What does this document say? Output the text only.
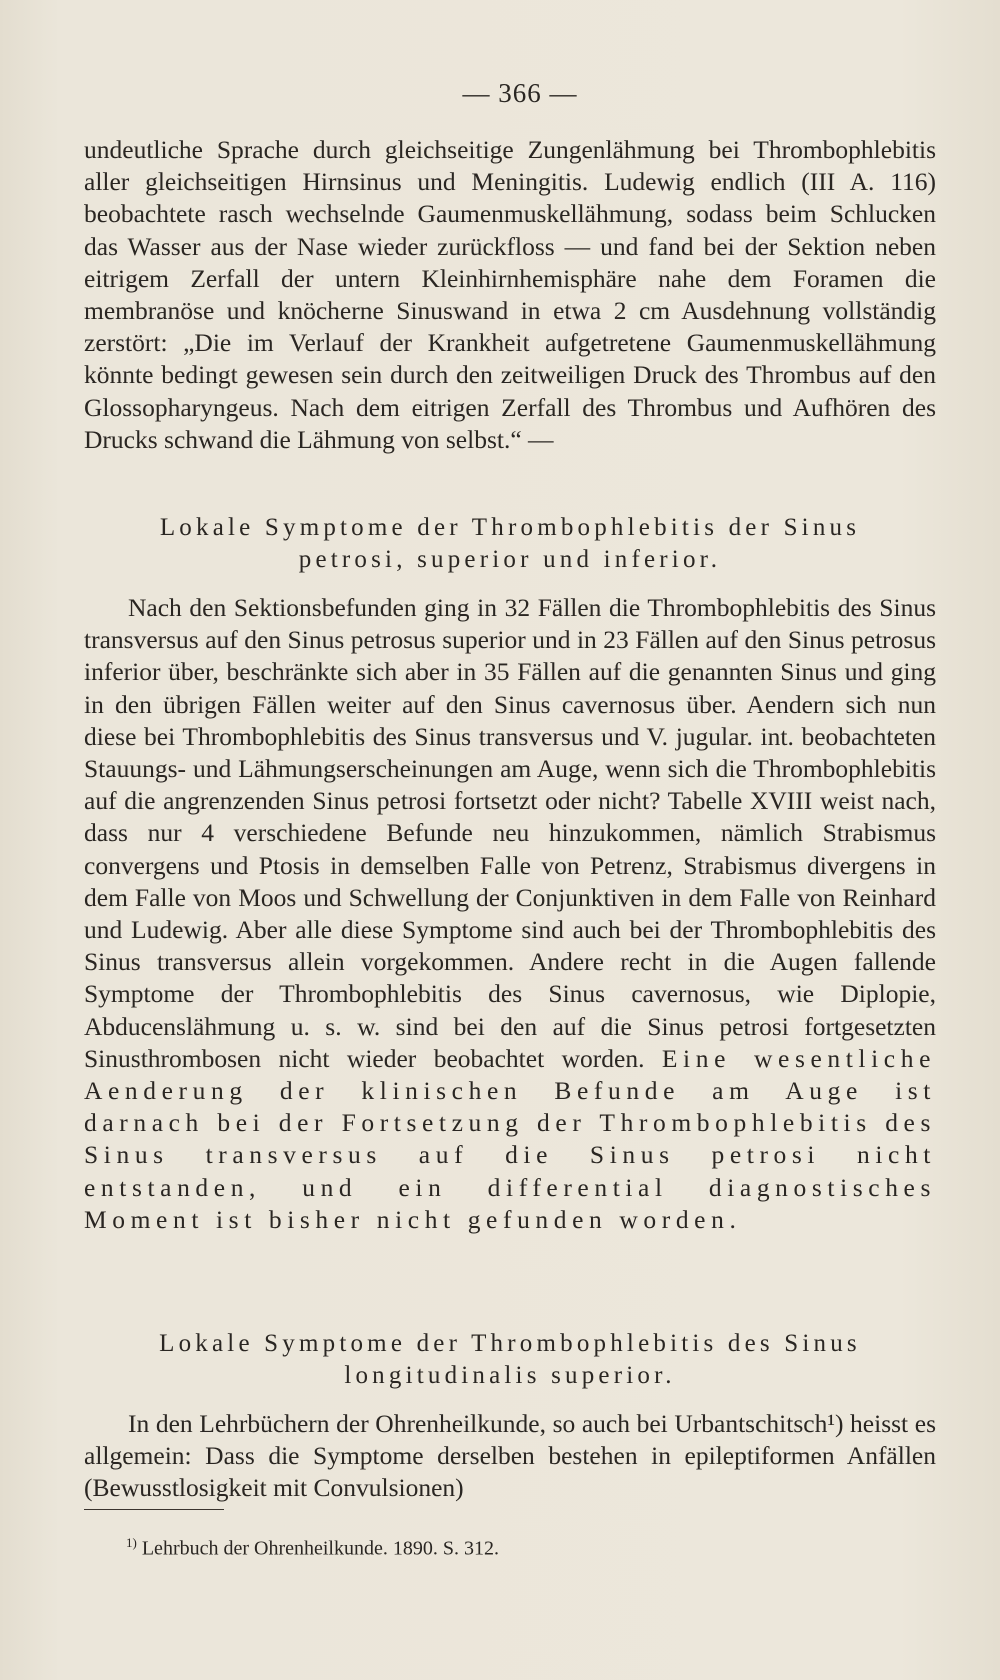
— 366 —

undeutliche Sprache durch gleichseitige Zungenlähmung bei Thrombophlebitis aller gleichseitigen Hirnsinus und Meningitis. Ludewig endlich (III A. 116) beobachtete rasch wechselnde Gaumenmuskellähmung, sodass beim Schlucken das Wasser aus der Nase wieder zurückfloss — und fand bei der Sektion neben eitrigem Zerfall der untern Kleinhirnhemisphäre nahe dem Foramen die membranöse und knöcherne Sinuswand in etwa 2 cm Ausdehnung vollständig zerstört: „Die im Verlauf der Krankheit aufgetretene Gaumenmuskellähmung könnte bedingt gewesen sein durch den zeitweiligen Druck des Thrombus auf den Glossopharyngeus. Nach dem eitrigen Zerfall des Thrombus und Aufhören des Drucks schwand die Lähmung von selbst.“ —

Lokale Symptome der Thrombophlebitis der Sinus
petrosi, superior und inferior.

Nach den Sektionsbefunden ging in 32 Fällen die Thrombophlebitis des Sinus transversus auf den Sinus petrosus superior und in 23 Fällen auf den Sinus petrosus inferior über, beschränkte sich aber in 35 Fällen auf die genannten Sinus und ging in den übrigen Fällen weiter auf den Sinus cavernosus über. Aendern sich nun diese bei Thrombophlebitis des Sinus transversus und V. jugular. int. beobachteten Stauungs- und Lähmungserscheinungen am Auge, wenn sich die Thrombophlebitis auf die angrenzenden Sinus petrosi fortsetzt oder nicht? Tabelle XVIII weist nach, dass nur 4 verschiedene Befunde neu hinzukommen, nämlich Strabismus convergens und Ptosis in demselben Falle von Petrenz, Strabismus divergens in dem Falle von Moos und Schwellung der Conjunktiven in dem Falle von Reinhard und Ludewig. Aber alle diese Symptome sind auch bei der Thrombophlebitis des Sinus transversus allein vorgekommen. Andere recht in die Augen fallende Symptome der Thrombophlebitis des Sinus cavernosus, wie Diplopie, Abducenslähmung u. s. w. sind bei den auf die Sinus petrosi fortgesetzten Sinusthrombosen nicht wieder beobachtet worden. Eine wesentliche Aenderung der klinischen Befunde am Auge ist darnach bei der Fortsetzung der Thrombophlebitis des Sinus transversus auf die Sinus petrosi nicht entstanden, und ein differential diagnostisches Moment ist bisher nicht gefunden worden.

Lokale Symptome der Thrombophlebitis des Sinus
longitudinalis superior.

In den Lehrbüchern der Ohrenheilkunde, so auch bei Urbantschitsch¹) heisst es allgemein: Dass die Symptome derselben bestehen in epileptiformen Anfällen (Bewusstlosigkeit mit Convulsionen)

$^{1)}$ Lehrbuch der Ohrenheilkunde. 1890. S. 312.
